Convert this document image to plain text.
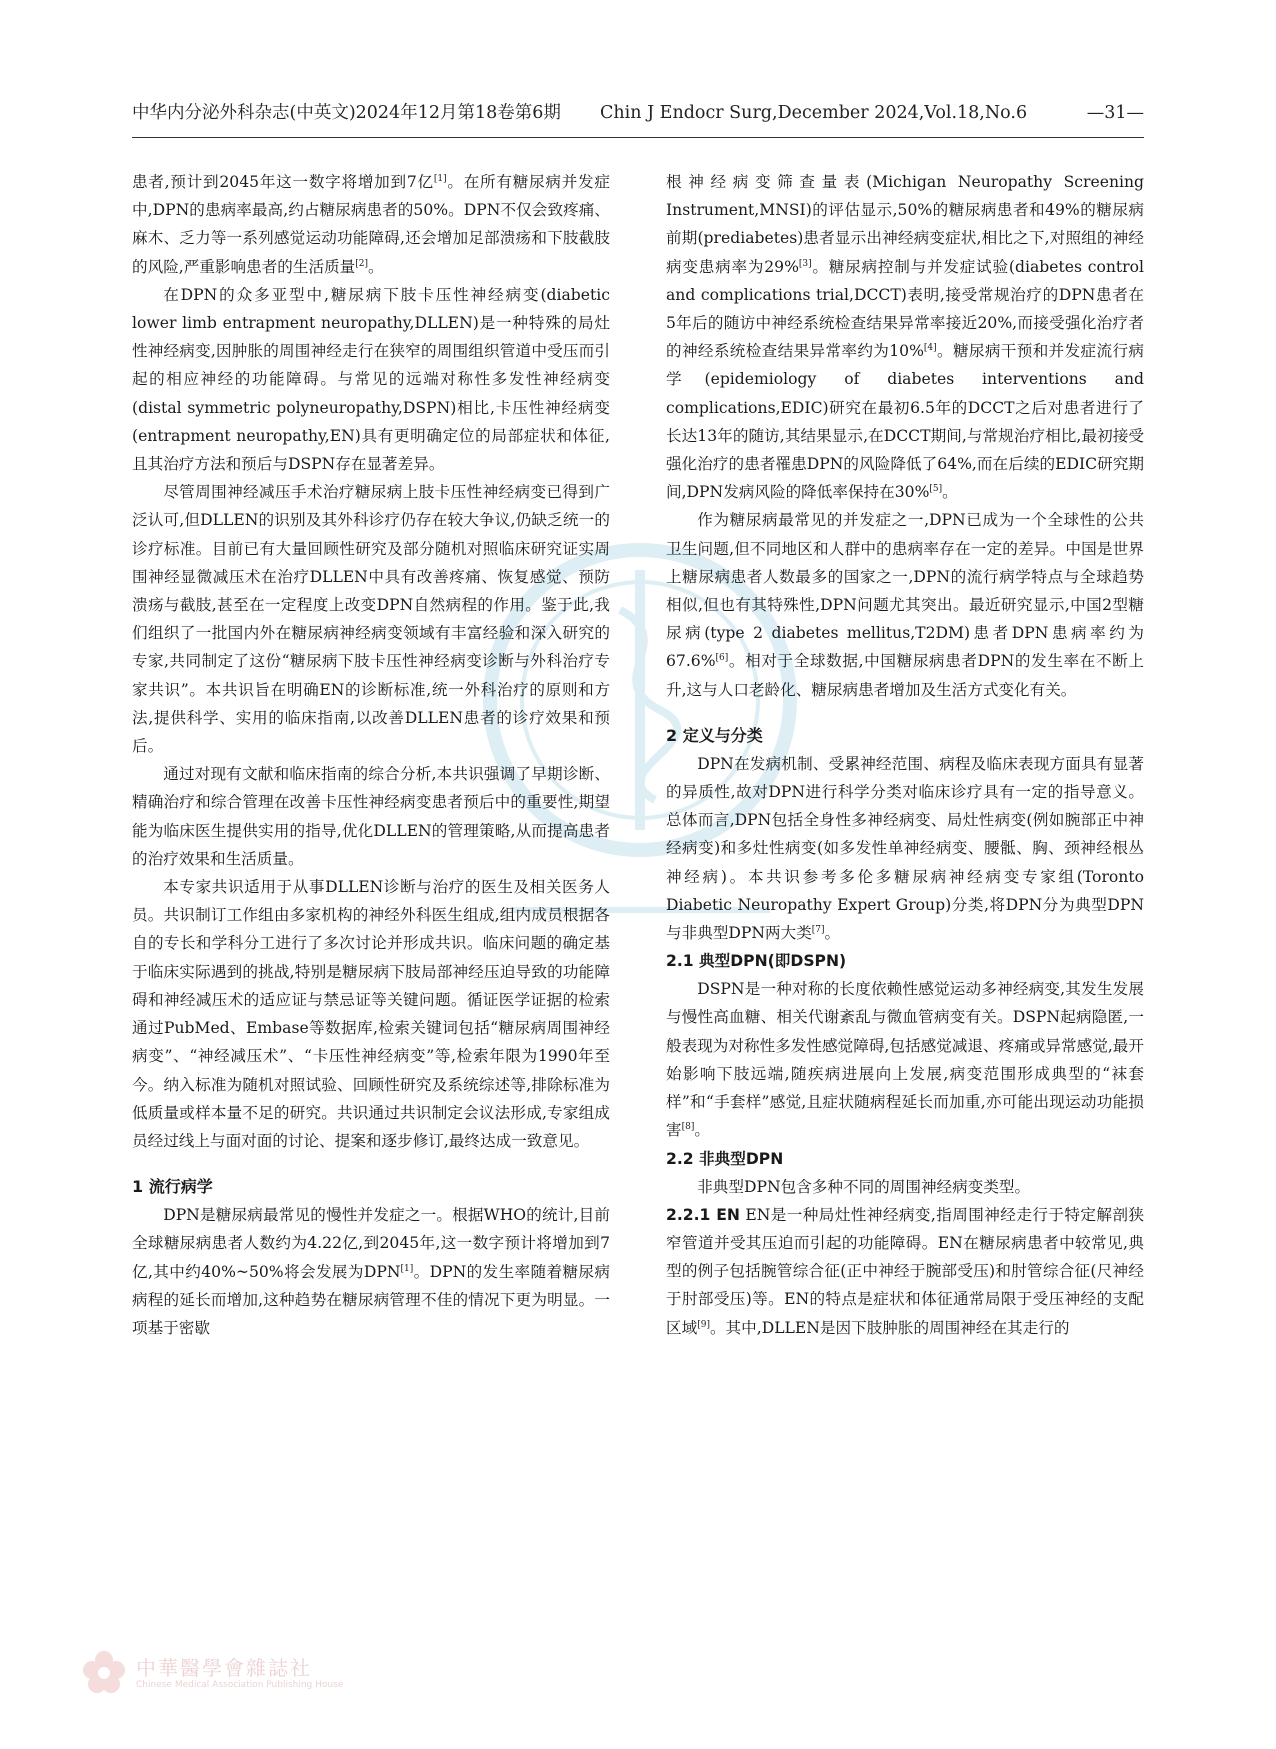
中华内分泌外科杂志(中英文)2024年12月第18卷第6期 Chin J Endocr Surg,December 2024,Vol.18,No.6	—31—

患者,预计到2045年这一数字将增加到7亿[1]。在所有糖尿病并发症中,DPN的患病率最高,约占糖尿病患者的50%。DPN不仅会致疼痛、麻木、乏力等一系列感觉运动功能障碍,还会增加足部溃疡和下肢截肢的风险,严重影响患者的生活质量[2]。

在DPN的众多亚型中,糖尿病下肢卡压性神经病变(diabetic lower limb entrapment neuropathy,DLLEN)是一种特殊的局灶性神经病变,因肿胀的周围神经走行在狭窄的周围组织管道中受压而引起的相应神经的功能障碍。与常见的远端对称性多发性神经病变(distal symmetric polyneuropathy,DSPN)相比,卡压性神经病变(entrapment neuropathy,EN)具有更明确定位的局部症状和体征,且其治疗方法和预后与DSPN存在显著差异。

尽管周围神经减压手术治疗糖尿病上肢卡压性神经病变已得到广泛认可,但DLLEN的识别及其外科诊疗仍存在较大争议,仍缺乏统一的诊疗标准。目前已有大量回顾性研究及部分随机对照临床研究证实周围神经显微减压术在治疗DLLEN中具有改善疼痛、恢复感觉、预防溃疡与截肢,甚至在一定程度上改变DPN自然病程的作用。鉴于此,我们组织了一批国内外在糖尿病神经病变领域有丰富经验和深入研究的专家,共同制定了这份“糖尿病下肢卡压性神经病变诊断与外科治疗专家共识”。本共识旨在明确EN的诊断标准,统一外科治疗的原则和方法,提供科学、实用的临床指南,以改善DLLEN患者的诊疗效果和预后。

通过对现有文献和临床指南的综合分析,本共识强调了早期诊断、精确治疗和综合管理在改善卡压性神经病变患者预后中的重要性,期望能为临床医生提供实用的指导,优化DLLEN的管理策略,从而提高患者的治疗效果和生活质量。

本专家共识适用于从事DLLEN诊断与治疗的医生及相关医务人员。共识制订工作组由多家机构的神经外科医生组成,组内成员根据各自的专长和学科分工进行了多次讨论并形成共识。临床问题的确定基于临床实际遇到的挑战,特别是糖尿病下肢局部神经压迫导致的功能障碍和神经减压术的适应证与禁忌证等关键问题。循证医学证据的检索通过PubMed、Embase等数据库,检索关键词包括“糖尿病周围神经病变”、“神经减压术”、“卡压性神经病变”等,检索年限为1990年至今。纳入标准为随机对照试验、回顾性研究及系统综述等,排除标准为低质量或样本量不足的研究。共识通过共识制定会议法形成,专家组成员经过线上与面对面的讨论、提案和逐步修订,最终达成一致意见。

1 流行病学

DPN是糖尿病最常见的慢性并发症之一。根据WHO的统计,目前全球糖尿病患者人数约为4.22亿,到2045年,这一数字预计将增加到7亿,其中约40%~50%将会发展为DPN[1]。DPN的发生率随着糖尿病病程的延长而增加,这种趋势在糖尿病管理不佳的情况下更为明显。一项基于密歇

根神经病变筛查量表(Michigan Neuropathy Screening Instrument,MNSI)的评估显示,50%的糖尿病患者和49%的糖尿病前期(prediabetes)患者显示出神经病变症状,相比之下,对照组的神经病变患病率为29%[3]。糖尿病控制与并发症试验(diabetes control and complications trial,DCCT)表明,接受常规治疗的DPN患者在5年后的随访中神经系统检查结果异常率接近20%,而接受强化治疗者的神经系统检查结果异常率约为10%[4]。糖尿病干预和并发症流行病学(epidemiology of diabetes interventions and complications,EDIC)研究在最初6.5年的DCCT之后对患者进行了长达13年的随访,其结果显示,在DCCT期间,与常规治疗相比,最初接受强化治疗的患者罹患DPN的风险降低了64%,而在后续的EDIC研究期间,DPN发病风险的降低率保持在30%[5]。

作为糖尿病最常见的并发症之一,DPN已成为一个全球性的公共卫生问题,但不同地区和人群中的患病率存在一定的差异。中国是世界上糖尿病患者人数最多的国家之一,DPN的流行病学特点与全球趋势相似,但也有其特殊性,DPN问题尤其突出。最近研究显示,中国2型糖尿病(type 2 diabetes mellitus,T2DM)患者DPN患病率约为67.6%[6]。相对于全球数据,中国糖尿病患者DPN的发生率在不断上升,这与人口老龄化、糖尿病患者增加及生活方式变化有关。

2 定义与分类

DPN在发病机制、受累神经范围、病程及临床表现方面具有显著的异质性,故对DPN进行科学分类对临床诊疗具有一定的指导意义。总体而言,DPN包括全身性多神经病变、局灶性病变(例如腕部正中神经病变)和多灶性病变(如多发性单神经病变、腰骶、胸、颈神经根丛神经病)。本共识参考多伦多糖尿病神经病变专家组(Toronto Diabetic Neuropathy Expert Group)分类,将DPN分为典型DPN与非典型DPN两大类[7]。

2.1 典型DPN(即DSPN)

DSPN是一种对称的长度依赖性感觉运动多神经病变,其发生发展与慢性高血糖、相关代谢紊乱与微血管病变有关。DSPN起病隐匿,一般表现为对称性多发性感觉障碍,包括感觉减退、疼痛或异常感觉,最开始影响下肢远端,随疾病进展向上发展,病变范围形成典型的“袜套样”和“手套样”感觉,且症状随病程延长而加重,亦可能出现运动功能损害[8]。

2.2 非典型DPN

非典型DPN包含多种不同的周围神经病变类型。

2.2.1 EN EN是一种局灶性神经病变,指周围神经走行于特定解剖狭窄管道并受其压迫而引起的功能障碍。EN在糖尿病患者中较常见,典型的例子包括腕管综合征(正中神经于腕部受压)和肘管综合征(尺神经于肘部受压)等。EN的特点是症状和体征通常局限于受压神经的支配区域[9]。其中,DLLEN是因下肢肿胀的周围神经在其走行的

中華醫學會雜誌社
Chinese Medical Association Publishing House
